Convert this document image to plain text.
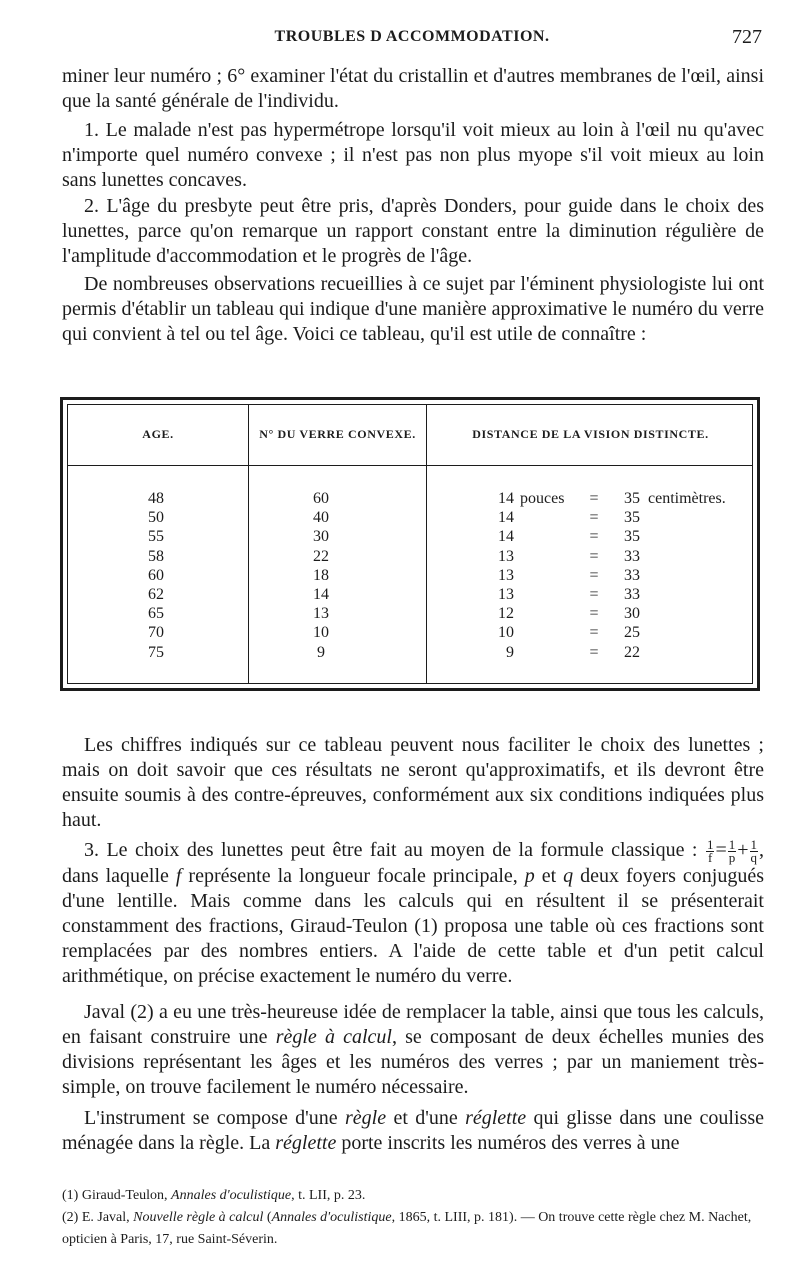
TROUBLES D ACCOMMODATION.	727
miner leur numéro ; 6° examiner l'état du cristallin et d'autres membranes de l'œil, ainsi que la santé générale de l'individu.
1. Le malade n'est pas hypermétrope lorsqu'il voit mieux au loin à l'œil nu qu'avec n'importe quel numéro convexe ; il n'est pas non plus myope s'il voit mieux au loin sans lunettes concaves.
2. L'âge du presbyte peut être pris, d'après Donders, pour guide dans le choix des lunettes, parce qu'on remarque un rapport constant entre la diminution régulière de l'amplitude d'accommodation et le progrès de l'âge.
De nombreuses observations recueillies à ce sujet par l'éminent physiologiste lui ont permis d'établir un tableau qui indique d'une manière approximative le numéro du verre qui convient à tel ou tel âge. Voici ce tableau, qu'il est utile de connaître :
AGE.	N° DU VERRE CONVEXE.	DISTANCE DE LA VISION DISTINCTE.
48	60	14 pouces	=	35 centimètres.
50	40	14	=	35
55	30	14	=	35
58	22	13	=	33
60	18	13	=	33
62	14	13	=	33
65	13	12	=	30
70	10	10	=	25
75	9	9	=	22
Les chiffres indiqués sur ce tableau peuvent nous faciliter le choix des lunettes ; mais on doit savoir que ces résultats ne seront qu'approximatifs, et ils devront être ensuite soumis à des contre-épreuves, conformément aux six conditions indiquées plus haut.
3. Le choix des lunettes peut être fait au moyen de la formule classique : $\frac{1}{f} = \frac{1}{p} + \frac{1}{q}$ , dans laquelle f représente la longueur focale principale, p et q deux foyers conjugués d'une lentille. Mais comme dans les calculs qui en résultent il se présenterait constamment des fractions, Giraud-Teulon (1) proposa une table où ces fractions sont remplacées par des nombres entiers. A l'aide de cette table et d'un petit calcul arithmétique, on précise exactement le numéro du verre.
Javal (2) a eu une très-heureuse idée de remplacer la table, ainsi que tous les calculs, en faisant construire une règle à calcul, se composant de deux échelles munies des divisions représentant les âges et les numéros des verres ; par un maniement très-simple, on trouve facilement le numéro nécessaire.
L'instrument se compose d'une règle et d'une réglette qui glisse dans une coulisse ménagée dans la règle. La réglette porte inscrits les numéros des verres à une
(1) Giraud-Teulon, Annales d'oculistique, t. LII, p. 23.
(2) E. Javal, Nouvelle règle à calcul (Annales d'oculistique, 1865, t. LIII, p. 181). — On trouve cette règle chez M. Nachet, opticien à Paris, 17, rue Saint-Séverin.
